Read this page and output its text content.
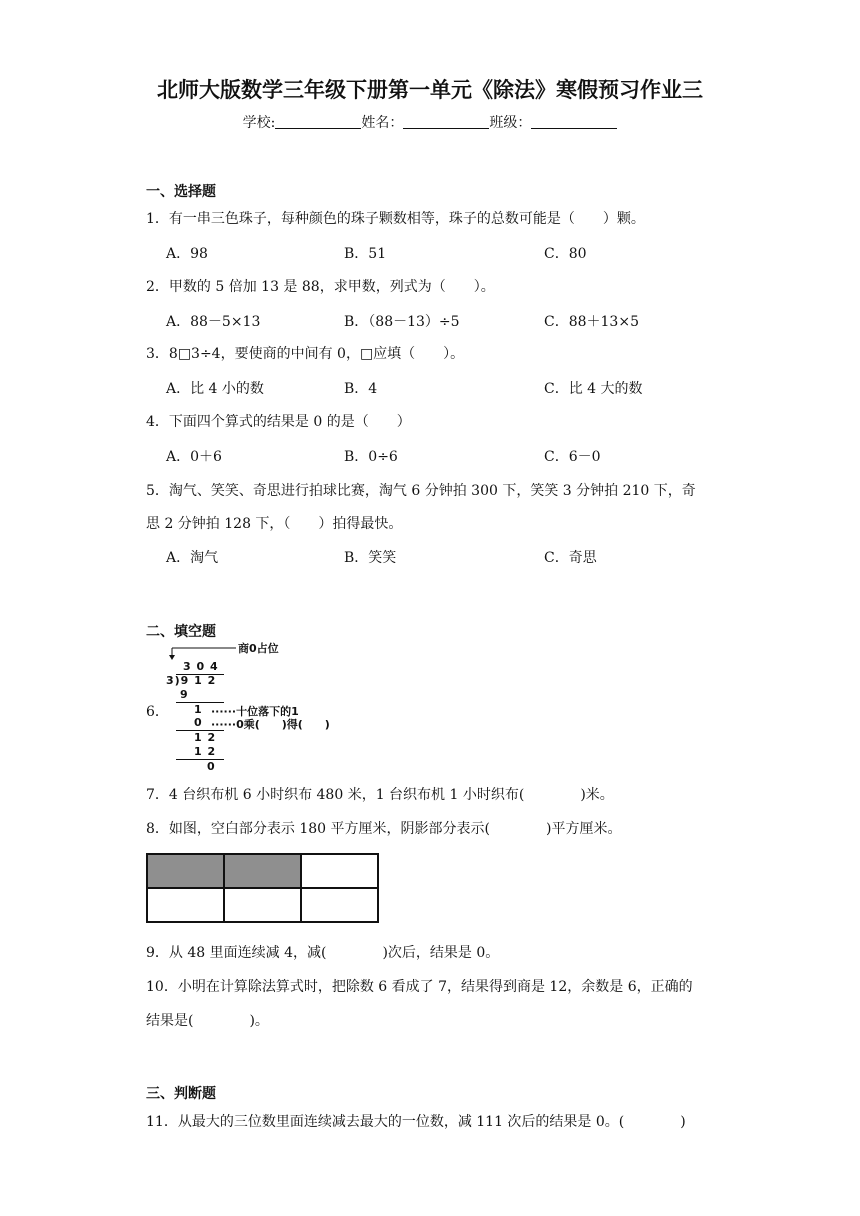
北师大版数学三年级下册第一单元《除法》寒假预习作业三
学校:	姓名：	班级：
一、选择题
1．有一串三色珠子，每种颜色的珠子颗数相等，珠子的总数可能是（　　）颗。
A．98	B．51	C．80
2．甲数的 5 倍加 13 是 88，求甲数，列式为（　　）。
A．88－5×13	B．（88－13）÷5	C．88＋13×5
3．8□3÷4，要使商的中间有 0，□应填（　　）。
A．比 4 小的数	B．4	C．比 4 大的数
4．下面四个算式的结果是 0 的是（　　）
A．0＋6	B．0÷6	C．6－0
5．淘气、笑笑、奇思进行拍球比赛，淘气 6 分钟拍 300 下，笑笑 3 分钟拍 210 下，奇
思 2 分钟拍 128 下，（　　）拍得最快。
A．淘气	B．笑笑	C．奇思
二、填空题
6．
商0占位
3 0 4
3)9 1 2
9
1 ······十位落下的1
0 ······0乘(　　)得(　　)
1 2
1 2
0
7．4 台织布机 6 小时织布 480 米，1 台织布机 1 小时织布(　　　　)米。
8．如图，空白部分表示 180 平方厘米，阴影部分表示(　　　　)平方厘米。

9．从 48 里面连续减 4，减(　　　　)次后，结果是 0。
10．小明在计算除法算式时，把除数 6 看成了 7，结果得到商是 12，余数是 6，正确的
结果是(　　　　)。
三、判断题
11．从最大的三位数里面连续减去最大的一位数，减 111 次后的结果是 0。(　　　　)
